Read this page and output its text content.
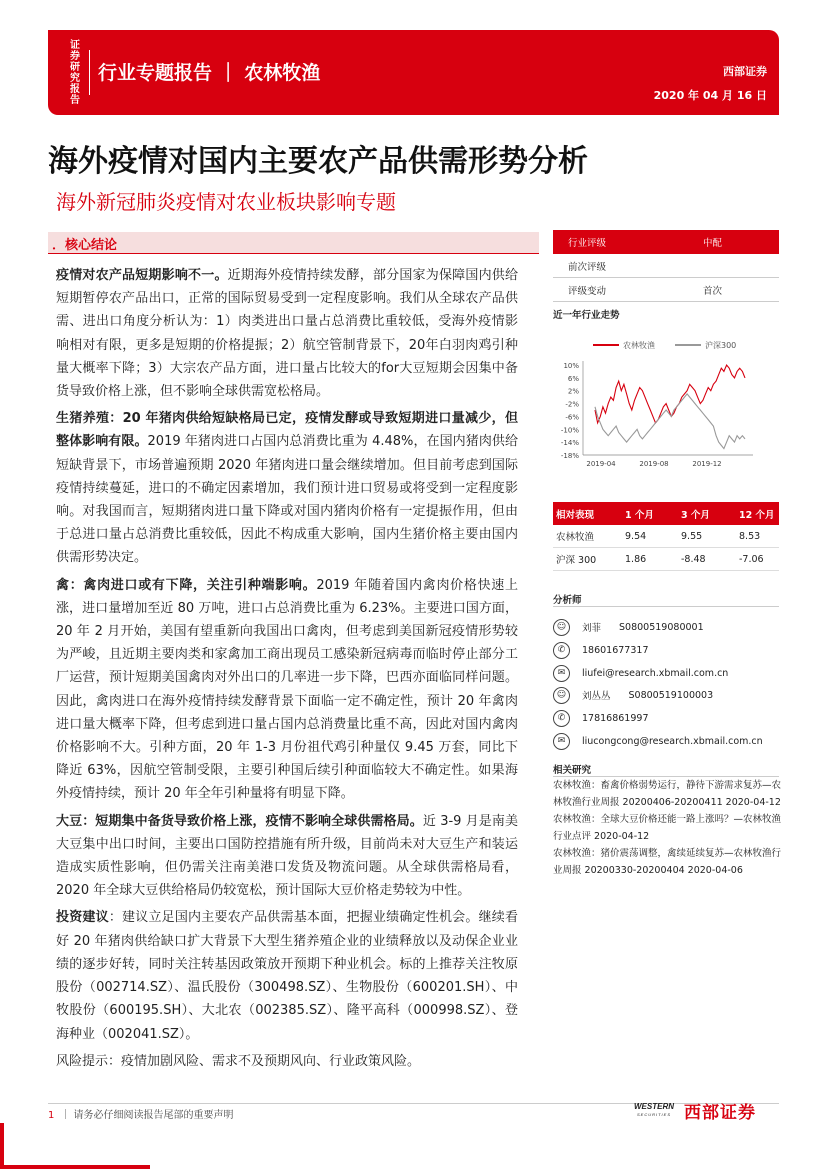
证券研究报告
行业专题报告 ｜ 农林牧渔	西部证券
2020 年 04 月 16 日
海外疫情对国内主要农产品供需形势分析
海外新冠肺炎疫情对农业板块影响专题
．核心结论

疫情对农产品短期影响不一。近期海外疫情持续发酵，部分国家为保障国内供给短期暂停农产品出口，正常的国际贸易受到一定程度影响。我们从全球农产品供需、进出口角度分析认为：1）肉类进出口量占总消费比重较低，受海外疫情影响相对有限，更多是短期的价格提振；2）航空管制背景下，20年白羽肉鸡引种量大概率下降；3）大宗农产品方面，进口量占比较大的for大豆短期会因集中备货导致价格上涨，但不影响全球供需宽松格局。

生猪养殖：20 年猪肉供给短缺格局已定，疫情发酵或导致短期进口量减少，但整体影响有限。2019 年猪肉进口占国内总消费比重为 4.48%，在国内猪肉供给短缺背景下，市场普遍预期 2020 年猪肉进口量会继续增加。但目前考虑到国际疫情持续蔓延，进口的不确定因素增加，我们预计进口贸易或将受到一定程度影响。对我国而言，短期猪肉进口量下降或对国内猪肉价格有一定提振作用，但由于总进口量占总消费比重较低，因此不构成重大影响，国内生猪价格主要由国内供需形势决定。

禽：禽肉进口或有下降，关注引种端影响。2019 年随着国内禽肉价格快速上涨，进口量增加至近 80 万吨，进口占总消费比重为 6.23%。主要进口国方面，20 年 2 月开始，美国有望重新向我国出口禽肉，但考虑到美国新冠疫情形势较为严峻，且近期主要肉类和家禽加工商出现员工感染新冠病毒而临时停止部分工厂运营，预计短期美国禽肉对外出口的几率进一步下降，巴西亦面临同样问题。因此，禽肉进口在海外疫情持续发酵背景下面临一定不确定性，预计 20 年禽肉进口量大概率下降，但考虑到进口量占国内总消费量比重不高，因此对国内禽肉价格影响不大。引种方面，20 年 1-3 月份祖代鸡引种量仅 9.45 万套，同比下降近 63%，因航空管制受限，主要引种国后续引种面临较大不确定性。如果海外疫情持续，预计 20 年全年引种量将有明显下降。

大豆：短期集中备货导致价格上涨，疫情不影响全球供需格局。近 3-9 月是南美大豆集中出口时间，主要出口国防控措施有所升级，目前尚未对大豆生产和装运造成实质性影响，但仍需关注南美港口发货及物流问题。从全球供需格局看，2020 年全球大豆供给格局仍较宽松，预计国际大豆价格走势较为中性。

投资建议：建议立足国内主要农产品供需基本面，把握业绩确定性机会。继续看好 20 年猪肉供给缺口扩大背景下大型生猪养殖企业的业绩释放以及动保企业业绩的逐步好转，同时关注转基因政策放开预期下种业机会。标的上推荐关注牧原股份（002714.SZ）、温氏股份（300498.SZ）、生物股份（600201.SH）、中牧股份（600195.SH）、大北农（002385.SZ）、隆平高科（000998.SZ）、登海种业（002041.SZ）。

风险提示：疫情加剧风险、需求不及预期风向、行业政策风险。

行业评级	中配
前次评级
评级变动	首次
近一年行业走势
农林牧渔	沪深300
10%
6%
2%
-2%
-6%
-10%
-14%
-18%
2019-04	2019-08	2019-12
相对表现	1 个月	3 个月	12 个月
农林牧渔	9.54	9.55	8.53
沪深 300	1.86	-8.48	-7.06
分析师
☺	刘菲 S0800519080001
✆	18601677317
✉	liufei@research.xbmail.com.cn
☺	刘丛丛 S0800519100003
✆	17816861997
✉	liucongcong@research.xbmail.com.cn
相关研究

农林牧渔：畜禽价格弱势运行，静待下游需求复苏—农林牧渔行业周报 20200406-20200411 2020-04-12

农林牧渔：全球大豆价格还能一路上涨吗？—农林牧渔行业点评 2020-04-12

农林牧渔：猪价震荡调整，禽续延续复苏—农林牧渔行业周报 20200330-20200404 2020-04-06

1 ｜ 请务必仔细阅读报告尾部的重要声明
WESTERN
SECURITIES 西部证券
